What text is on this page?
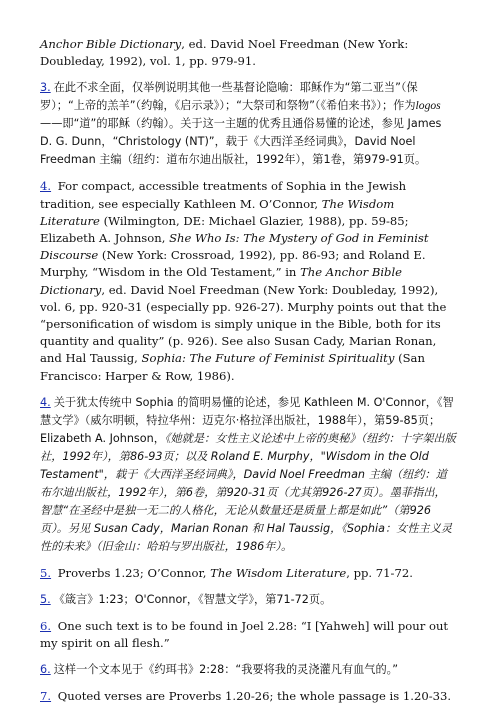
Anchor Bible Dictionary, ed. David Noel Freedman (New York: Doubleday, 1992), vol. 1, pp. 979-91.

3. 在此不求全面，仅举例说明其他一些基督论隐喻：耶稣作为“第二亚当”（保罗）；“上帝的羔羊”（约翰，《启示录》）；“大祭司和祭物”（《希伯来书》）；作为logos——即“道”的耶稣（约翰）。关于这一主题的优秀且通俗易懂的论述，参见 James D. G. Dunn，“Christology (NT)”，载于《大西洋圣经词典》，David Noel Freedman 主编（纽约：道布尔迪出版社，1992年），第1卷，第979-91页。

4. For compact, accessible treatments of Sophia in the Jewish tradition, see especially Kathleen M. O’Connor, The Wisdom Literature (Wilmington, DE: Michael Glazier, 1988), pp. 59-85; Elizabeth A. Johnson, She Who Is: The Mystery of God in Feminist Discourse (New York: Crossroad, 1992), pp. 86-93; and Roland E. Murphy, “Wisdom in the Old Testament,” in The Anchor Bible Dictionary, ed. David Noel Freedman (New York: Doubleday, 1992), vol. 6, pp. 920-31 (especially pp. 926-27). Murphy points out that the “personification of wisdom is simply unique in the Bible, both for its quantity and quality” (p. 926). See also Susan Cady, Marian Ronan, and Hal Taussig, Sophia: The Future of Feminist Spirituality (San Francisco: Harper & Row, 1986).

4. 关于犹太传统中 Sophia 的简明易懂的论述，参见 Kathleen M. O'Connor，《智慧文学》（威尔明顿，特拉华州：迈克尔·格拉泽出版社，1988年），第59-85页；Elizabeth A. Johnson，《她就是：女性主义论述中上帝的奥秘》（纽约：十字架出版社，1992年），第86-93页；以及 Roland E. Murphy，"Wisdom in the Old Testament"，载于《大西洋圣经词典》，David Noel Freedman 主编（纽约：道布尔迪出版社，1992年），第6卷，第920-31页（尤其第926-27页）。墨菲指出，智慧“在圣经中是独一无二的人格化，无论从数量还是质量上都是如此”（第926页）。另见 Susan Cady，Marian Ronan 和 Hal Taussig，《Sophia：女性主义灵性的未来》（旧金山：哈珀与罗出版社，1986年）。

5. Proverbs 1.23; O’Connor, The Wisdom Literature, pp. 71-72.

5. 《箴言》1:23；O'Connor，《智慧文学》，第71-72页。

6. One such text is to be found in Joel 2.28: “I [Yahweh] will pour out my spirit on all flesh.”

6. 这样一个文本见于《约珥书》2:28：“我要将我的灵浇灌凡有血气的。”

7. Quoted verses are Proverbs 1.20-26; the whole passage is 1.20-33.
